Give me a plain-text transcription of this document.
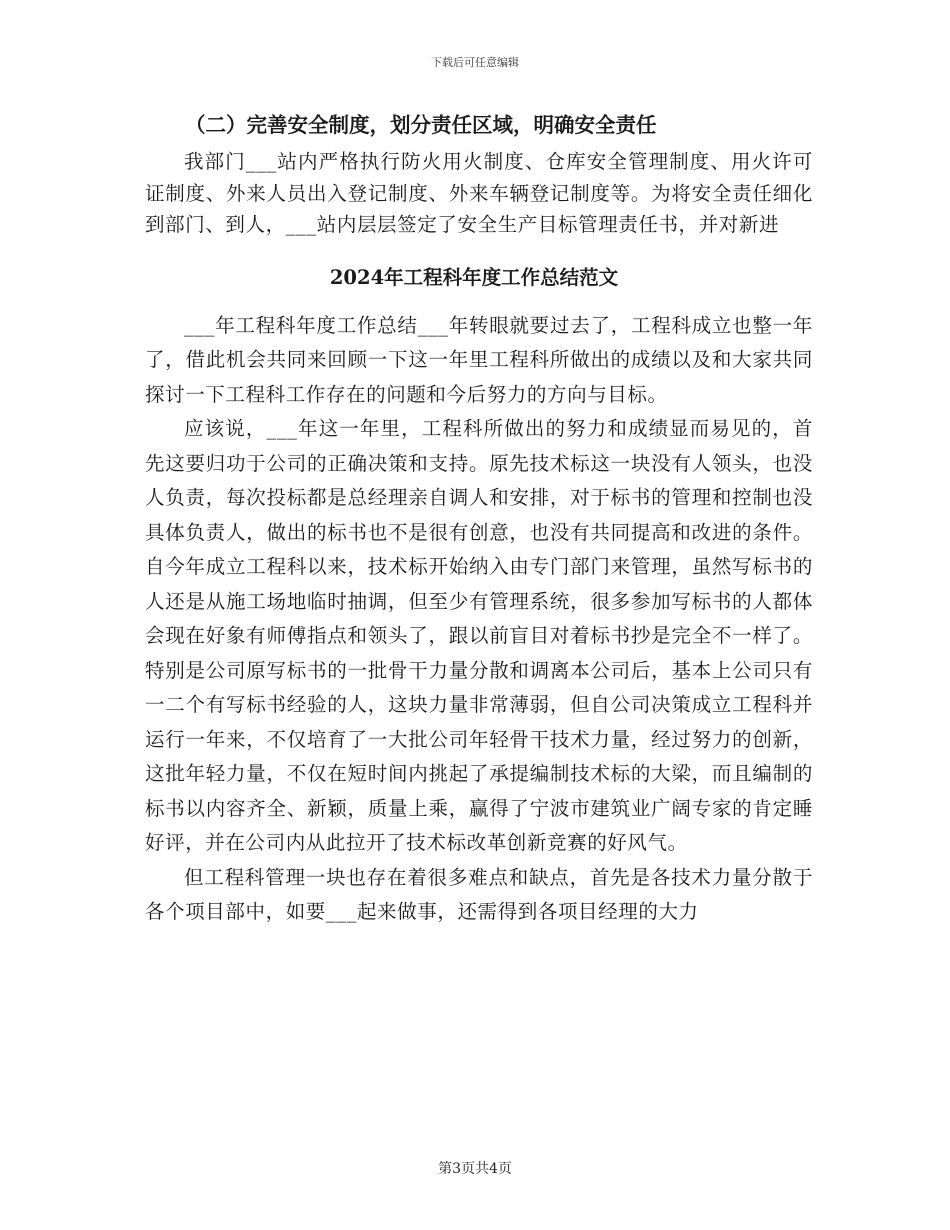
下载后可任意编辑
（二）完善安全制度，划分责任区域，明确安全责任

我部门___站内严格执行防火用火制度、仓库安全管理制度、用火许可证制度、外来人员出入登记制度、外来车辆登记制度等。为将安全责任细化到部门、到人，___站内层层签定了安全生产目标管理责任书，并对新进

2024年工程科年度工作总结范文

___年工程科年度工作总结___年转眼就要过去了，工程科成立也整一年了，借此机会共同来回顾一下这一年里工程科所做出的成绩以及和大家共同探讨一下工程科工作存在的问题和今后努力的方向与目标。

应该说，___年这一年里，工程科所做出的努力和成绩显而易见的，首先这要归功于公司的正确决策和支持。原先技术标这一块没有人领头，也没人负责，每次投标都是总经理亲自调人和安排，对于标书的管理和控制也没具体负责人，做出的标书也不是很有创意，也没有共同提高和改进的条件。自今年成立工程科以来，技术标开始纳入由专门部门来管理，虽然写标书的人还是从施工场地临时抽调，但至少有管理系统，很多参加写标书的人都体会现在好象有师傅指点和领头了，跟以前盲目对着标书抄是完全不一样了。特别是公司原写标书的一批骨干力量分散和调离本公司后，基本上公司只有一二个有写标书经验的人，这块力量非常薄弱，但自公司决策成立工程科并运行一年来，不仅培育了一大批公司年轻骨干技术力量，经过努力的创新，这批年轻力量，不仅在短时间内挑起了承提编制技术标的大梁，而且编制的标书以内容齐全、新颖，质量上乘，赢得了宁波市建筑业广阔专家的肯定睡好评，并在公司内从此拉开了技术标改革创新竞赛的好风气。

但工程科管理一块也存在着很多难点和缺点，首先是各技术力量分散于各个项目部中，如要___起来做事，还需得到各项目经理的大力

第3页共4页
